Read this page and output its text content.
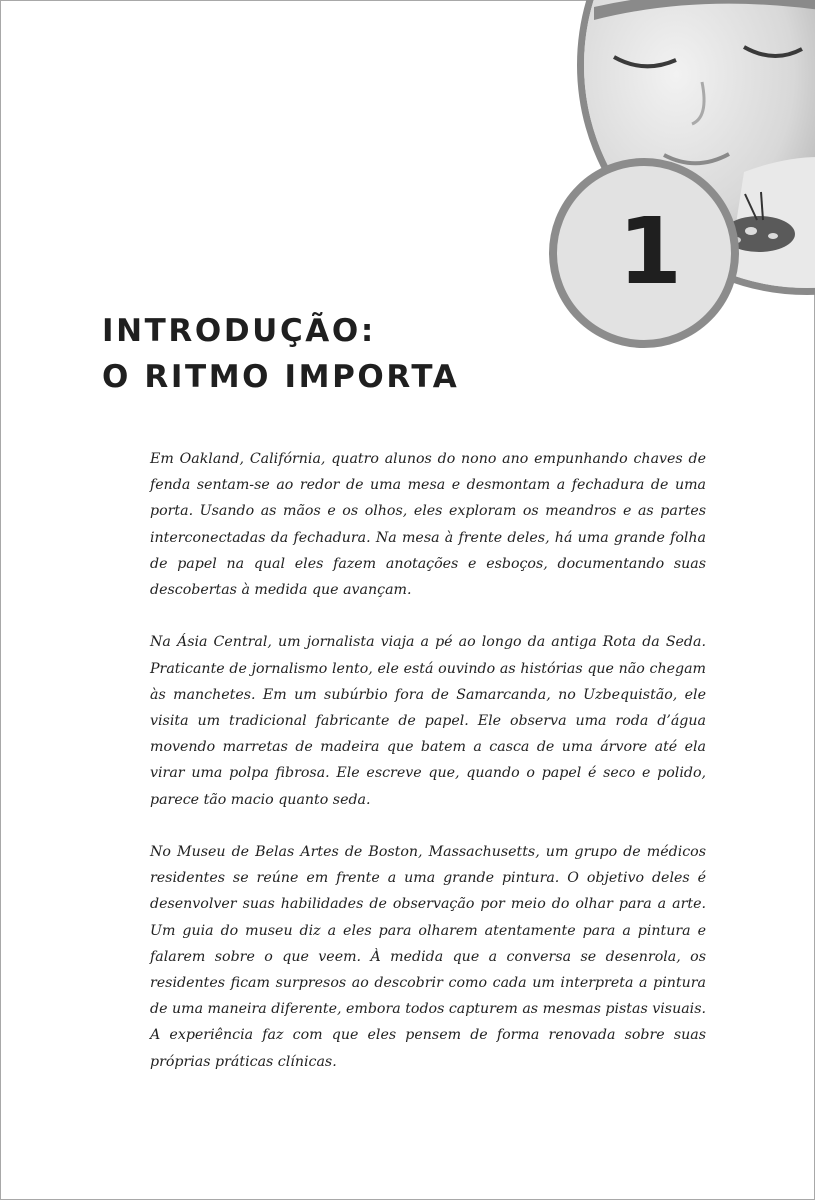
1
INTRODUÇÃO:
O RITMO IMPORTA

Em Oakland, Califórnia, quatro alunos do nono ano empunhando chaves de fenda sentam-se ao redor de uma mesa e desmontam a fechadura de uma porta. Usando as mãos e os olhos, eles exploram os meandros e as partes interconectadas da fechadura. Na mesa à frente deles, há uma grande folha de papel na qual eles fazem anotações e esboços, documentando suas descobertas à medida que avançam.

Na Ásia Central, um jornalista viaja a pé ao longo da antiga Rota da Seda. Praticante de jornalismo lento, ele está ouvindo as histórias que não chegam às manchetes. Em um subúrbio fora de Samarcanda, no Uzbequistão, ele visita um tradicional fabricante de papel. Ele observa uma roda d’água movendo marretas de madeira que batem a casca de uma árvore até ela virar uma polpa fibrosa. Ele escreve que, quando o papel é seco e polido, parece tão macio quanto seda.

No Museu de Belas Artes de Boston, Massachusetts, um grupo de médicos residentes se reúne em frente a uma grande pintura. O objetivo deles é desenvolver suas habilidades de observação por meio do olhar para a arte. Um guia do museu diz a eles para olharem atentamente para a pintura e falarem sobre o que veem. À medida que a conversa se desenrola, os residentes ficam surpresos ao descobrir como cada um interpreta a pintura de uma maneira diferente, embora todos capturem as mesmas pistas visuais. A experiência faz com que eles pensem de forma renovada sobre suas próprias práticas clínicas.
